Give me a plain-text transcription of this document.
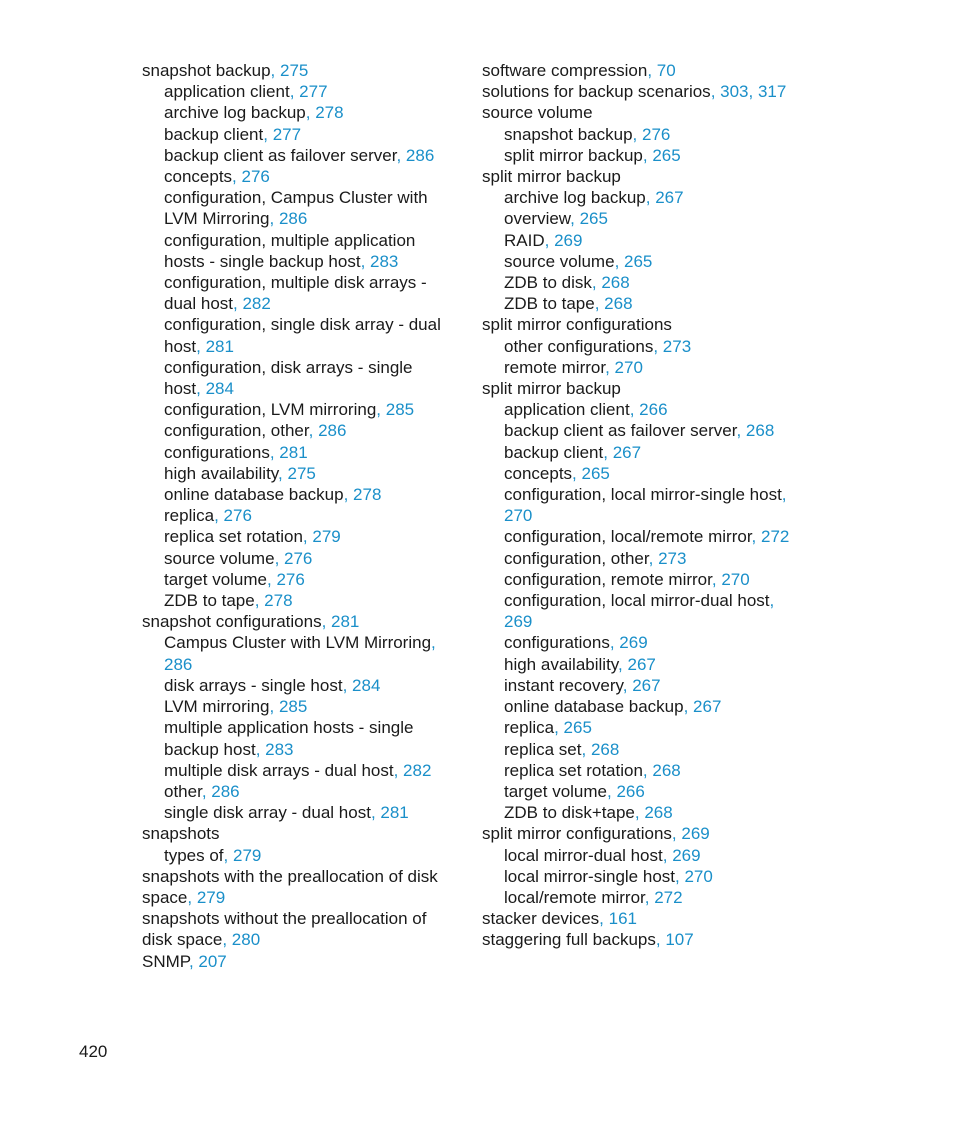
snapshot backup, 275

application client, 277

archive log backup, 278

backup client, 277

backup client as failover server, 286

concepts, 276

configuration, Campus Cluster with LVM Mirroring, 286

configuration, multiple application hosts - single backup host, 283

configuration, multiple disk arrays - dual host, 282

configuration, single disk array - dual host, 281

configuration, disk arrays - single host, 284

configuration, LVM mirroring, 285

configuration, other, 286

configurations, 281

high availability, 275

online database backup, 278

replica, 276

replica set rotation, 279

source volume, 276

target volume, 276

ZDB to tape, 278

snapshot configurations, 281

Campus Cluster with LVM Mirroring, 286

disk arrays - single host, 284

LVM mirroring, 285

multiple application hosts - single backup host, 283

multiple disk arrays - dual host, 282

other, 286

single disk array - dual host, 281

snapshots

types of, 279

snapshots with the preallocation of disk space, 279

snapshots without the preallocation of disk space, 280

SNMP, 207

software compression, 70

solutions for backup scenarios, 303, 317

source volume

snapshot backup, 276

split mirror backup, 265

split mirror backup

archive log backup, 267

overview, 265

RAID, 269

source volume, 265

ZDB to disk, 268

ZDB to tape, 268

split mirror configurations

other configurations, 273

remote mirror, 270

split mirror backup

application client, 266

backup client as failover server, 268

backup client, 267

concepts, 265

configuration, local mirror-single host, 270

configuration, local/remote mirror, 272

configuration, other, 273

configuration, remote mirror, 270

configuration, local mirror-dual host, 269

configurations, 269

high availability, 267

instant recovery, 267

online database backup, 267

replica, 265

replica set, 268

replica set rotation, 268

target volume, 266

ZDB to disk+tape, 268

split mirror configurations, 269

local mirror-dual host, 269

local mirror-single host, 270

local/remote mirror, 272

stacker devices, 161

staggering full backups, 107

420
